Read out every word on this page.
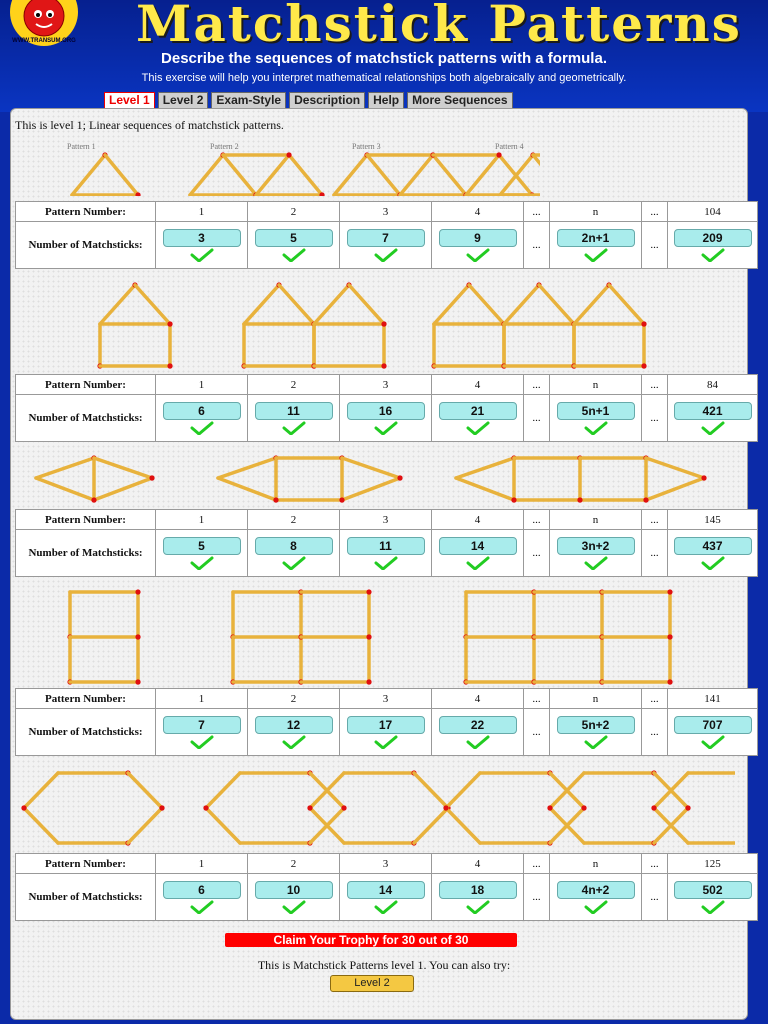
WWW.TRANSUM.ORG Matchstick Patterns
Describe the sequences of matchstick patterns with a formula.
This exercise will help you interpret mathematical relationships both algebraically and geometrically.
Level 1	Level 2	Exam-Style	Description	Help	More Sequences
This is level 1; Linear sequences of matchstick patterns.
Pattern 1	Pattern 2	Pattern 3	Pattern 4
Pattern Number:	1	2	3	4	...	n	...	104
Number of Matchsticks:	3	5	7	9	...	2n+1	...	209
Pattern Number:	1	2	3	4	...	n	...	84
Number of Matchsticks:	6	11	16	21	...	5n+1	...	421
Pattern Number:	1	2	3	4	...	n	...	145
Number of Matchsticks:	5	8	11	14	...	3n+2	...	437
Pattern Number:	1	2	3	4	...	n	...	141
Number of Matchsticks:	7	12	17	22	...	5n+2	...	707
Pattern Number:	1	2	3	4	...	n	...	125
Number of Matchsticks:	6	10	14	18	...	4n+2	...	502
Claim Your Trophy for 30 out of 30
This is Matchstick Patterns level 1. You can also try:
Level 2
